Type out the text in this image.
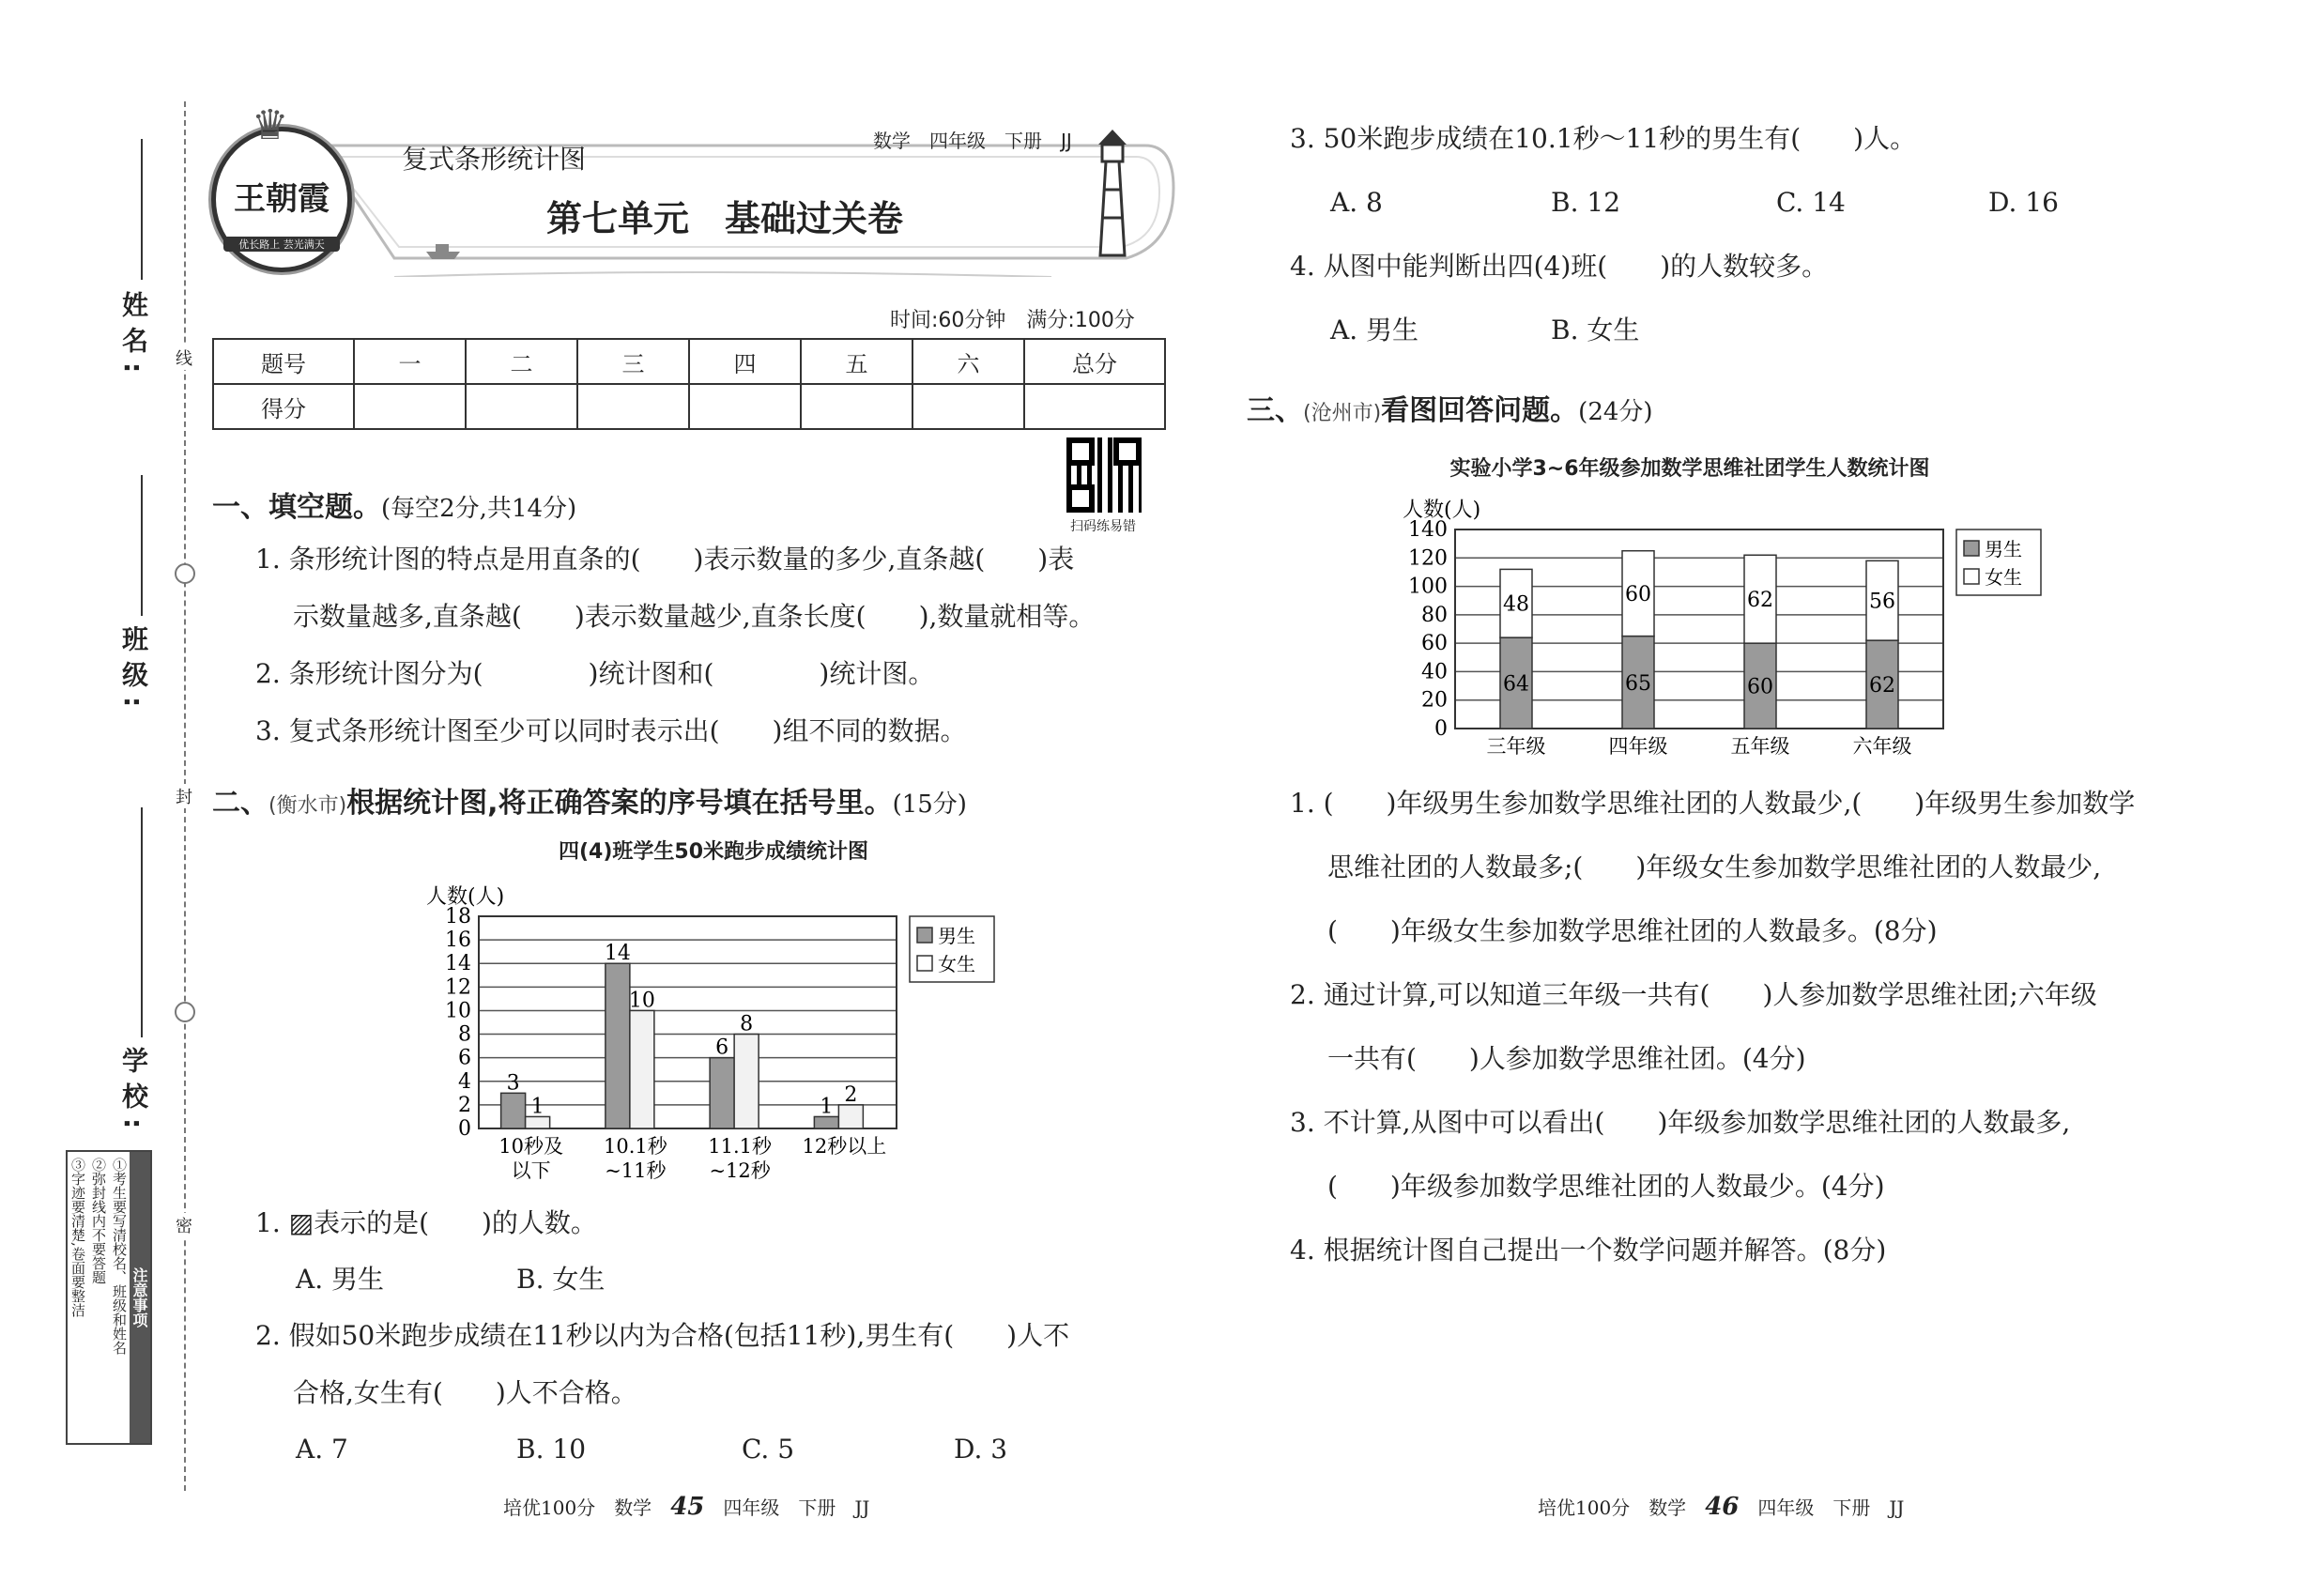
线
封
密
姓名:
班级:
学校:
注意事项
①考生要写清校名、班级和姓名
②弥封线内不要答题
③字迹要清楚,卷面要整洁
♛
王朝霞
优长路上 芸光满天
复式条形统计图
第七单元　基础过关卷
数学　 四年级　 下册　 JJ
时间:60分钟　满分:100分
题号	一	二	三	四	五	六	总分
得分							
扫码练易错
一、填空题。(每空2分,共14分)
1. 条形统计图的特点是用直条的(　　)表示数量的多少,直条越(　　)表
示数量越多,直条越(　　)表示数量越少,直条长度(　　),数量就相等。
2. 条形统计图分为(　　　　)统计图和(　　　　)统计图。
3. 复式条形统计图至少可以同时表示出(　　)组不同的数据。
二、(衡水市)根据统计图,将正确答案的序号填在括号里。(15分)
四(4)班学生50米跑步成绩统计图
人数(人)
0
2
4
6
8
10
12
14
16
18
10秒及
以下
3
1
10.1秒
~11秒
14
10
11.1秒
~12秒
6
8
12秒以上
1
2
男生
女生
1. ▨表示的是(　　)的人数。
A. 男生	B. 女生
2. 假如50米跑步成绩在11秒以内为合格(包括11秒),男生有(　　)人不
合格,女生有(　　)人不合格。
A. 7	B. 10	C. 5	D. 3
培优100分　 数学　 45　 四年级　 下册　 JJ
3. 50米跑步成绩在10.1秒～11秒的男生有(　　)人。
A. 8	B. 12	C. 14	D. 16
4. 从图中能判断出四(4)班(　　)的人数较多。
A. 男生	B. 女生
三、(沧州市)看图回答问题。(24分)
实验小学3~6年级参加数学思维社团学生人数统计图
人数(人)
0
20
40
60
80
100
120
140
三年级
64
48
四年级
65
60
五年级
60
62
六年级
62
56
男生
女生
1. (　　)年级男生参加数学思维社团的人数最少,(　　)年级男生参加数学
思维社团的人数最多;(　　)年级女生参加数学思维社团的人数最少,
(　　)年级女生参加数学思维社团的人数最多。(8分)
2. 通过计算,可以知道三年级一共有(　　)人参加数学思维社团;六年级
一共有(　　)人参加数学思维社团。(4分)
3. 不计算,从图中可以看出(　　)年级参加数学思维社团的人数最多,
(　　)年级参加数学思维社团的人数最少。(4分)
4. 根据统计图自己提出一个数学问题并解答。(8分)
培优100分　 数学　 46　 四年级　 下册　 JJ
